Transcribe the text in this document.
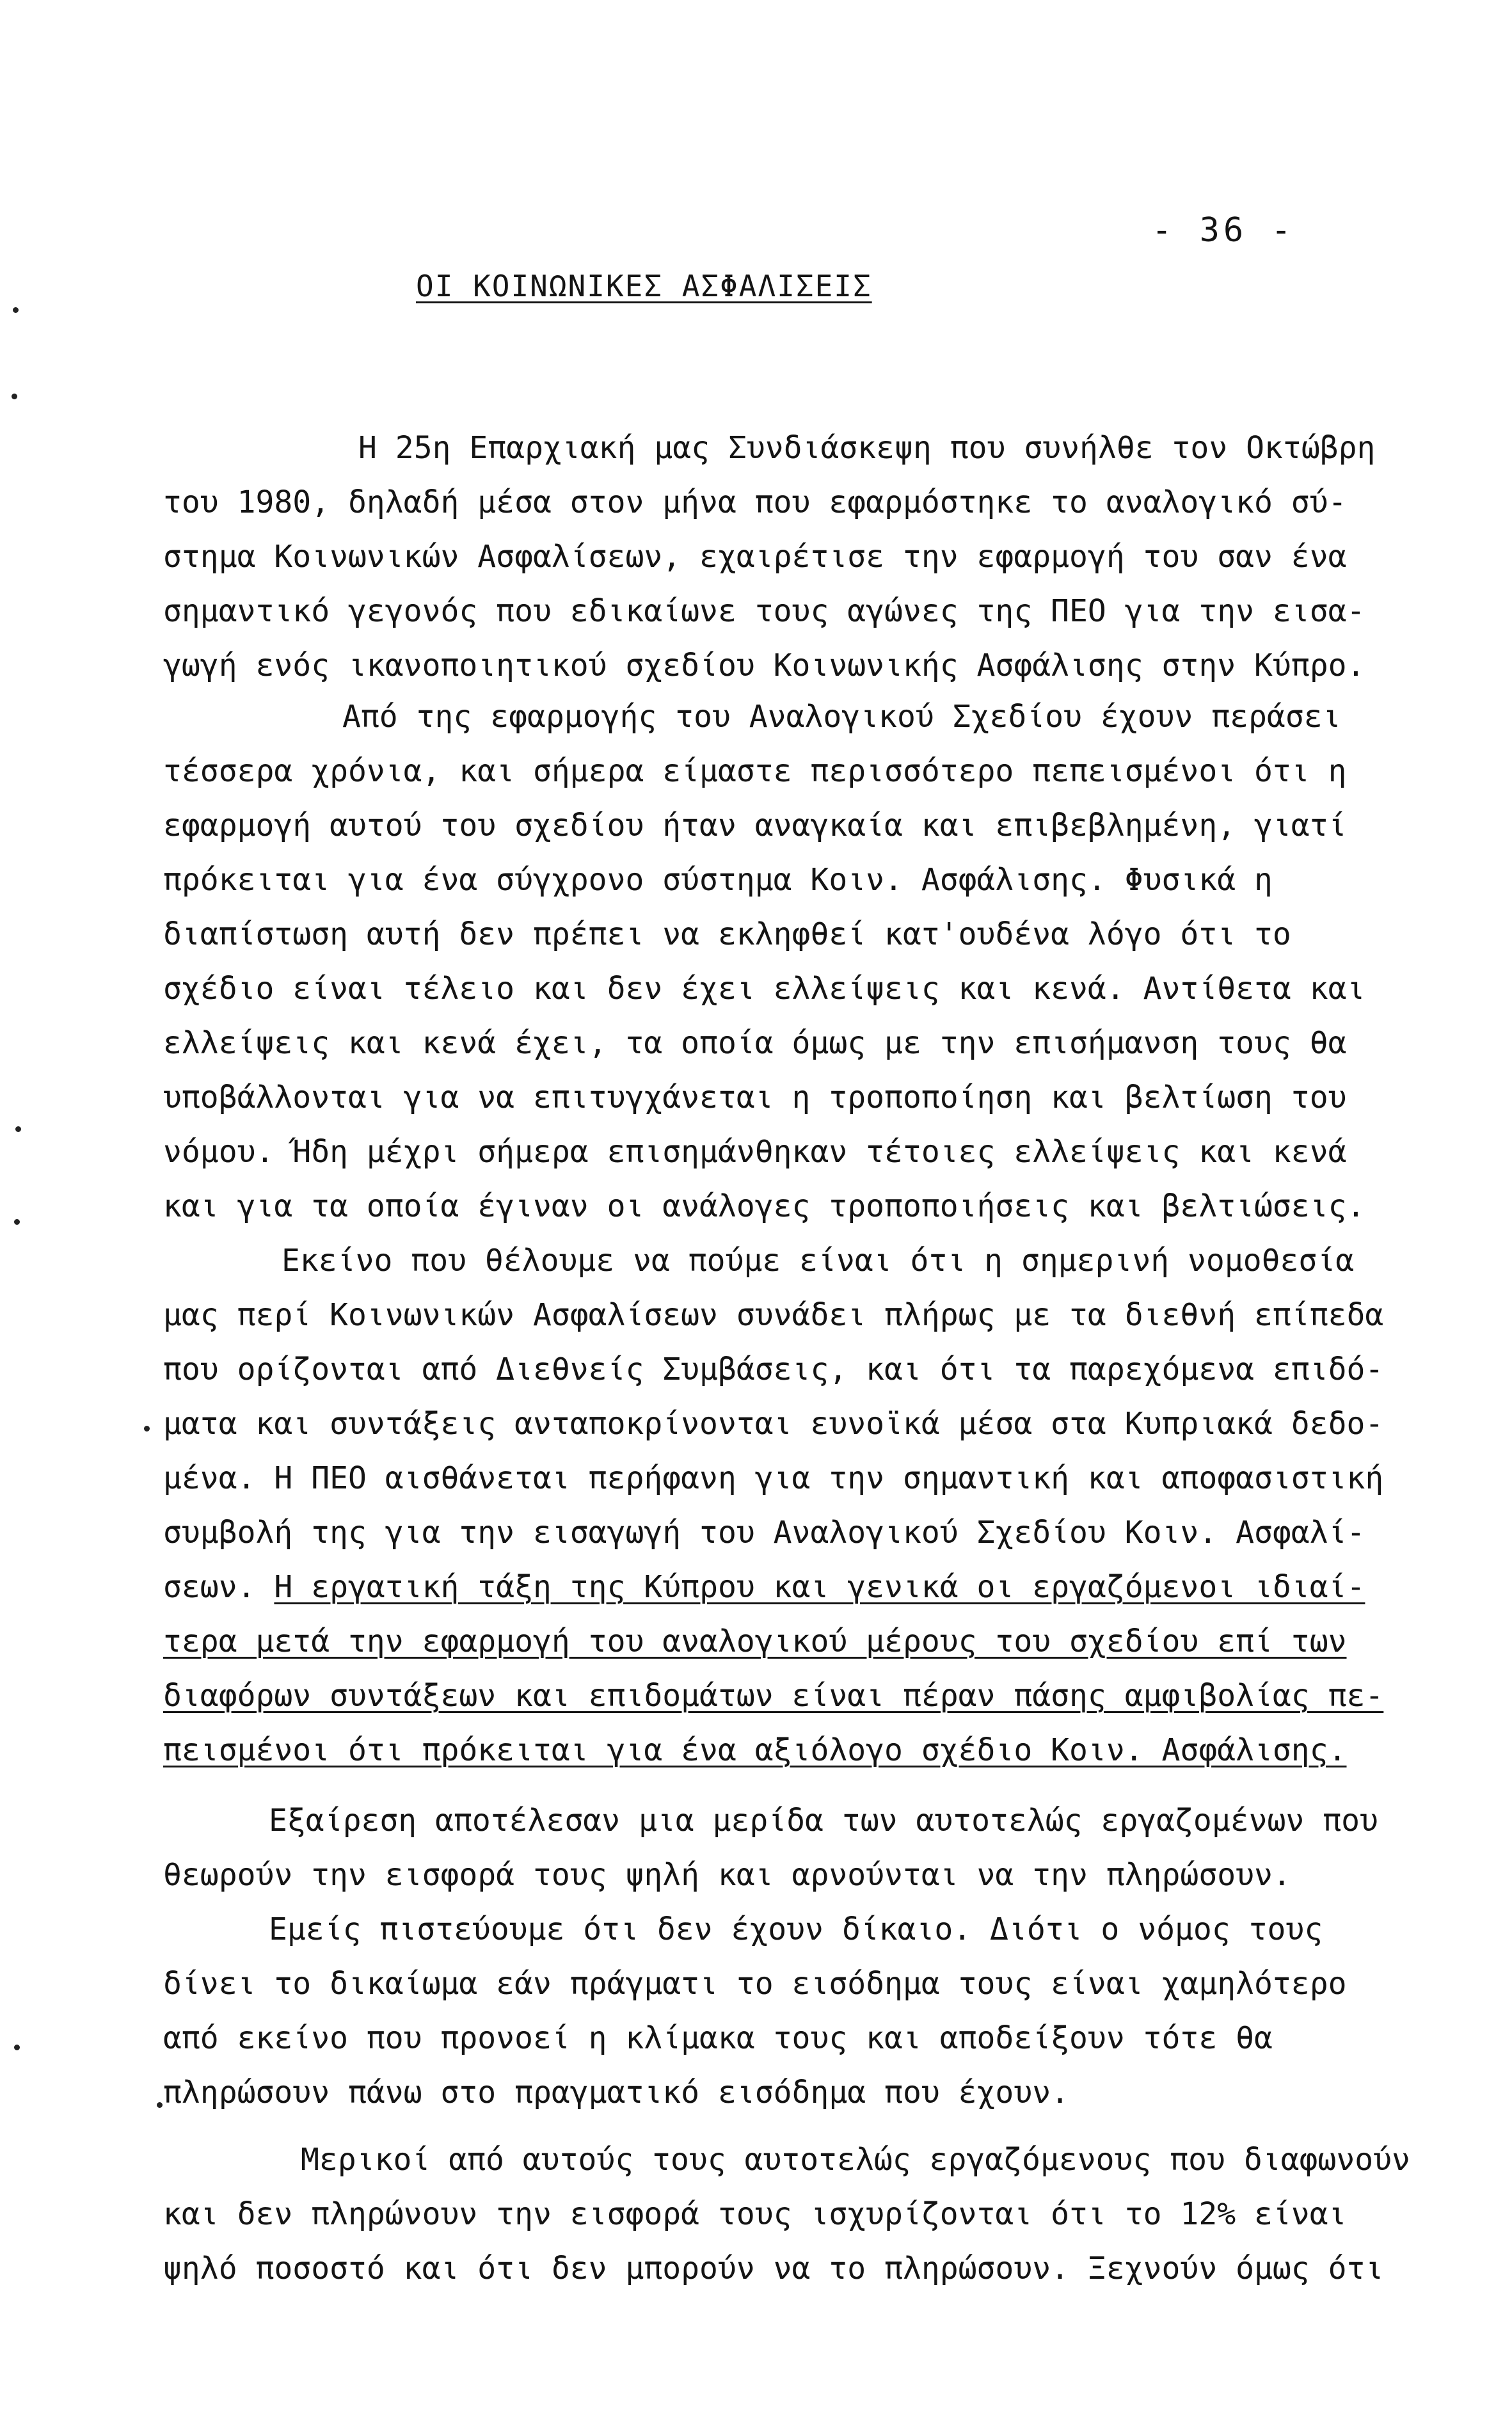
- 36 -
ΟΙ ΚΟΙΝΩΝΙΚΕΣ ΑΣΦΑΛΙΣΕΙΣ
Η 25η Επαρχιακή μας Συνδιάσκεψη που συνήλθε τον Οκτώβρη
του 1980, δηλαδή μέσα στον μήνα που εφαρμόστηκε το αναλογικό σύ-
στημα Κοινωνικών Ασφαλίσεων, εχαιρέτισε την εφαρμογή του σαν ένα
σημαντικό γεγονός που εδικαίωνε τους αγώνες της ΠΕΟ για την εισα-
γωγή ενός ικανοποιητικού σχεδίου Κοινωνικής Ασφάλισης στην Κύπρο.
Από της εφαρμογής του Αναλογικού Σχεδίου έχουν περάσει
τέσσερα χρόνια, και σήμερα είμαστε περισσότερο πεπεισμένοι ότι η
εφαρμογή αυτού του σχεδίου ήταν αναγκαία και επιβεβλημένη, γιατί
πρόκειται για ένα σύγχρονο σύστημα Κοιν. Ασφάλισης. Φυσικά η
διαπίστωση αυτή δεν πρέπει να εκληφθεί κατ'ουδένα λόγο ότι το
σχέδιο είναι τέλειο και δεν έχει ελλείψεις και κενά. Αντίθετα και
ελλείψεις και κενά έχει, τα οποία όμως με την επισήμανση τους θα
υποβάλλονται για να επιτυγχάνεται η τροποποίηση και βελτίωση του
νόμου. Ήδη μέχρι σήμερα επισημάνθηκαν τέτοιες ελλείψεις και κενά
και για τα οποία έγιναν οι ανάλογες τροποποιήσεις και βελτιώσεις.
Εκείνο που θέλουμε να πούμε είναι ότι η σημερινή νομοθεσία
μας περί Κοινωνικών Ασφαλίσεων συνάδει πλήρως με τα διεθνή επίπεδα
που ορίζονται από Διεθνείς Συμβάσεις, και ότι τα παρεχόμενα επιδό-
ματα και συντάξεις ανταποκρίνονται ευνοϊκά μέσα στα Κυπριακά δεδο-
μένα. Η ΠΕΟ αισθάνεται περήφανη για την σημαντική και αποφασιστική
συμβολή της για την εισαγωγή του Αναλογικού Σχεδίου Κοιν. Ασφαλί-
σεων. Η εργατική τάξη της Κύπρου και γενικά οι εργαζόμενοι ιδιαί-
τερα μετά την εφαρμογή του αναλογικού μέρους του σχεδίου επί των
διαφόρων συντάξεων και επιδομάτων είναι πέραν πάσης αμφιβολίας πε-
πεισμένοι ότι πρόκειται για ένα αξιόλογο σχέδιο Κοιν. Ασφάλισης.
Εξαίρεση αποτέλεσαν μια μερίδα των αυτοτελώς εργαζομένων που
θεωρούν την εισφορά τους ψηλή και αρνούνται να την πληρώσουν.
Εμείς πιστεύουμε ότι δεν έχουν δίκαιο. Διότι ο νόμος τους
δίνει το δικαίωμα εάν πράγματι το εισόδημα τους είναι χαμηλότερο
από εκείνο που προνοεί η κλίμακα τους και αποδείξουν τότε θα
πληρώσουν πάνω στο πραγματικό εισόδημα που έχουν.
Μερικοί από αυτούς τους αυτοτελώς εργαζόμενους που διαφωνούν
και δεν πληρώνουν την εισφορά τους ισχυρίζονται ότι το 12% είναι
ψηλό ποσοστό και ότι δεν μπορούν να το πληρώσουν. Ξεχνούν όμως ότι
